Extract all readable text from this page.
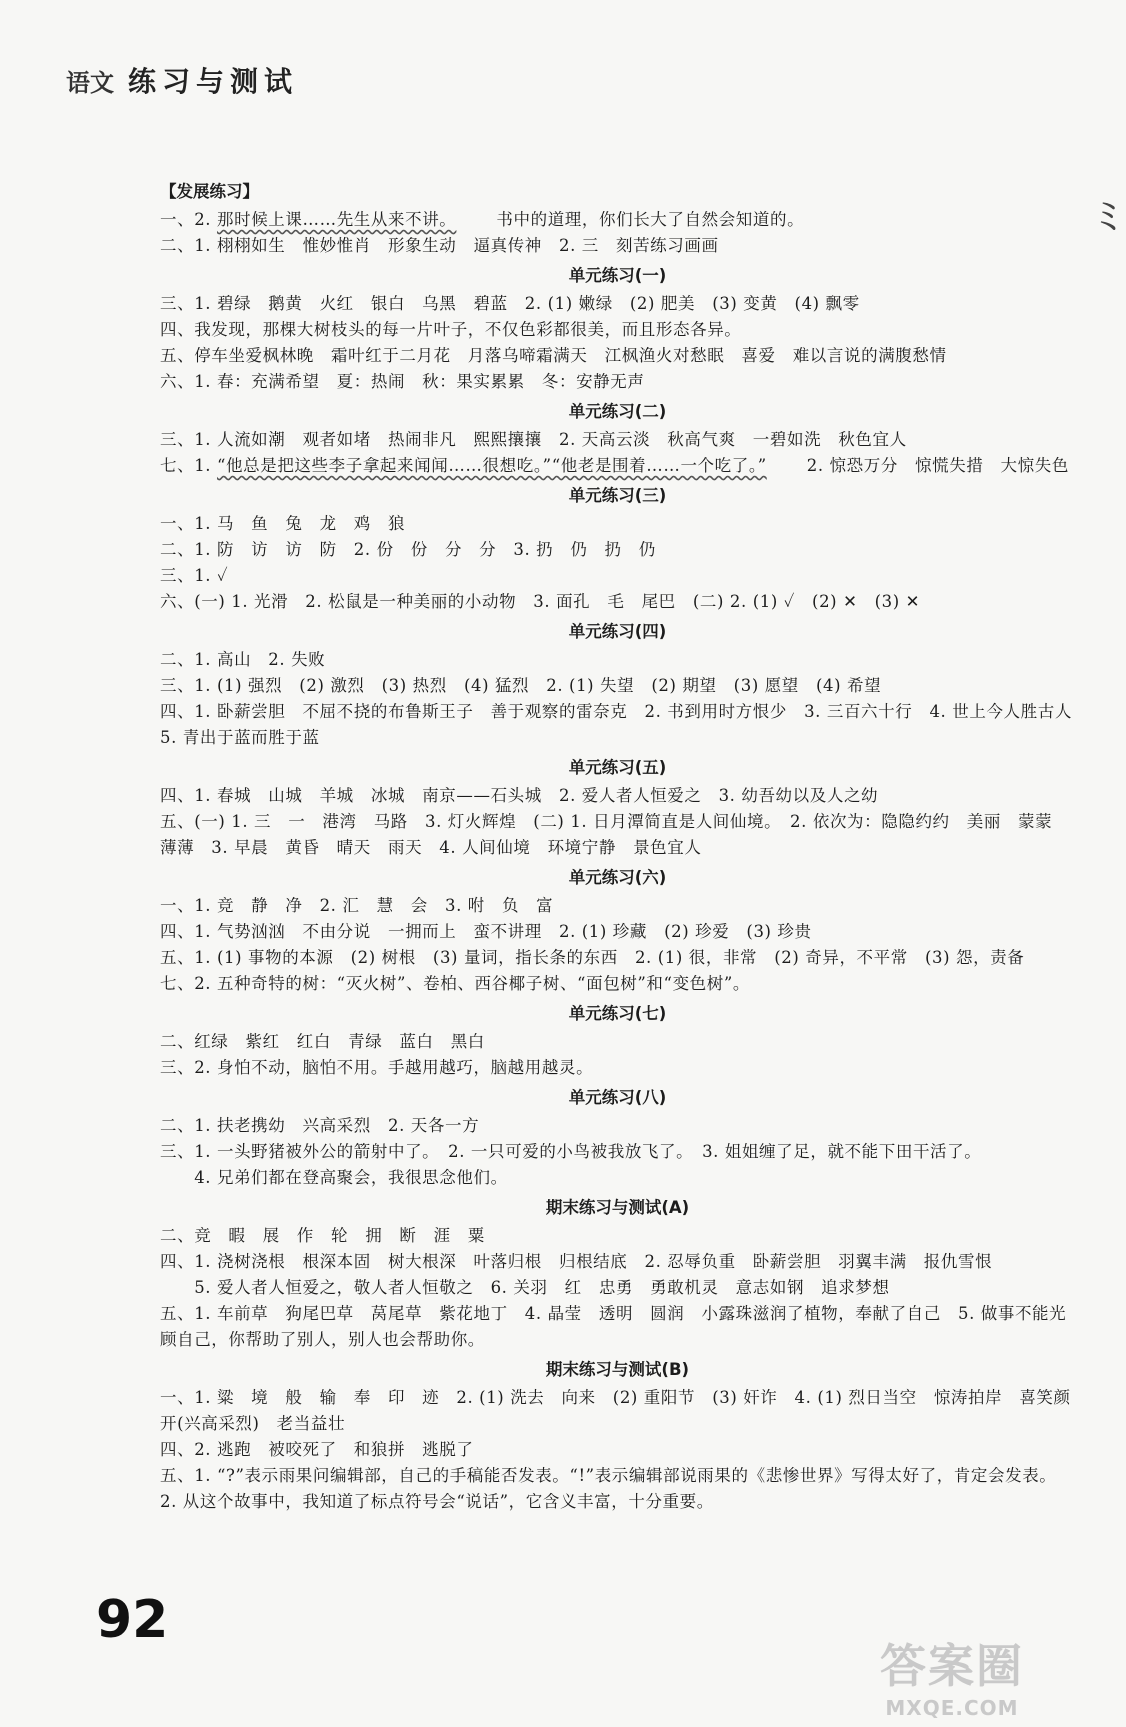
语文 练习与测试
ﾐ
【发展练习】
一、2. 那时候上课……先生从来不讲。 书中的道理，你们长大了自然会知道的。
二、1. 栩栩如生　惟妙惟肖　形象生动　逼真传神　2. 三　刻苦练习画画
单元练习(一)
三、1. 碧绿　鹅黄　火红　银白　乌黑　碧蓝　2. (1) 嫩绿　(2) 肥美　(3) 变黄　(4) 飘零
四、我发现，那棵大树枝头的每一片叶子，不仅色彩都很美，而且形态各异。
五、停车坐爱枫林晚　霜叶红于二月花　月落乌啼霜满天　江枫渔火对愁眠　喜爱　难以言说的满腹愁情
六、1. 春：充满希望　夏：热闹　秋：果实累累　冬：安静无声
单元练习(二)
三、1. 人流如潮　观者如堵　热闹非凡　熙熙攘攘　2. 天高云淡　秋高气爽　一碧如洗　秋色宜人
七、1. “他总是把这些李子拿起来闻闻……很想吃。”“他老是围着……一个吃了。” 2. 惊恐万分　惊慌失措　大惊失色
单元练习(三)
一、1. 马　鱼　兔　龙　鸡　狼
二、1. 防　访　访　防　2. 份　份　分　分　3. 扔　仍　扔　仍
三、1. ✓
六、(一) 1. 光滑　2. 松鼠是一种美丽的小动物　3. 面孔　毛　尾巴　(二) 2. (1) ✓　(2) ✕　(3) ✕
单元练习(四)
二、1. 高山　2. 失败
三、1. (1) 强烈　(2) 激烈　(3) 热烈　(4) 猛烈　2. (1) 失望　(2) 期望　(3) 愿望　(4) 希望
四、1. 卧薪尝胆　不屈不挠的布鲁斯王子　善于观察的雷奈克　2. 书到用时方恨少　3. 三百六十行　4. 世上今人胜古人　5. 青出于蓝而胜于蓝
单元练习(五)
四、1. 春城　山城　羊城　冰城　南京——石头城　2. 爱人者人恒爱之　3. 幼吾幼以及人之幼
五、(一) 1. 三　一　港湾　马路　3. 灯火辉煌　(二) 1. 日月潭简直是人间仙境。　2. 依次为：隐隐约约　美丽　蒙蒙　薄薄　3. 早晨　黄昏　晴天　雨天　4. 人间仙境　环境宁静　景色宜人
单元练习(六)
一、1. 竞　静　净　2. 汇　慧　会　3. 咐　负　富
四、1. 气势汹汹　不由分说　一拥而上　蛮不讲理　2. (1) 珍藏　(2) 珍爱　(3) 珍贵
五、1. (1) 事物的本源　(2) 树根　(3) 量词，指长条的东西　2. (1) 很，非常　(2) 奇异，不平常　(3) 怨，责备
七、2. 五种奇特的树：“灭火树”、卷柏、西谷椰子树、“面包树”和“变色树”。
单元练习(七)
二、红绿　紫红　红白　青绿　蓝白　黑白
三、2. 身怕不动，脑怕不用。手越用越巧，脑越用越灵。
单元练习(八)
二、1. 扶老携幼　兴高采烈　2. 天各一方
三、1. 一头野猪被外公的箭射中了。　2. 一只可爱的小鸟被我放飞了。　3. 姐姐缠了足，就不能下田干活了。
　　4. 兄弟们都在登高聚会，我很思念他们。
期末练习与测试(A)
二、竞　暇　展　作　轮　拥　断　涯　粟
四、1. 浇树浇根　根深本固　树大根深　叶落归根　归根结底　2. 忍辱负重　卧薪尝胆　羽翼丰满　报仇雪恨
　　5. 爱人者人恒爱之，敬人者人恒敬之　6. 关羽　红　忠勇　勇敢机灵　意志如钢　追求梦想
五、1. 车前草　狗尾巴草　莴尾草　紫花地丁　4. 晶莹　透明　圆润　小露珠滋润了植物，奉献了自己　5. 做事不能光顾自己，你帮助了别人，别人也会帮助你。
期末练习与测试(B)
一、1. 粱　境　般　输　奉　印　迹　2. (1) 洗去　向来　(2) 重阳节　(3) 奸诈　4. (1) 烈日当空　惊涛拍岸　喜笑颜开(兴高采烈)　老当益壮
四、2. 逃跑　被咬死了　和狼拼　逃脱了
五、1. “?”表示雨果问编辑部，自己的手稿能否发表。“!”表示编辑部说雨果的《悲惨世界》写得太好了，肯定会发表。　2. 从这个故事中，我知道了标点符号会“说话”，它含义丰富，十分重要。
92
答案圈
MXQE.COM
